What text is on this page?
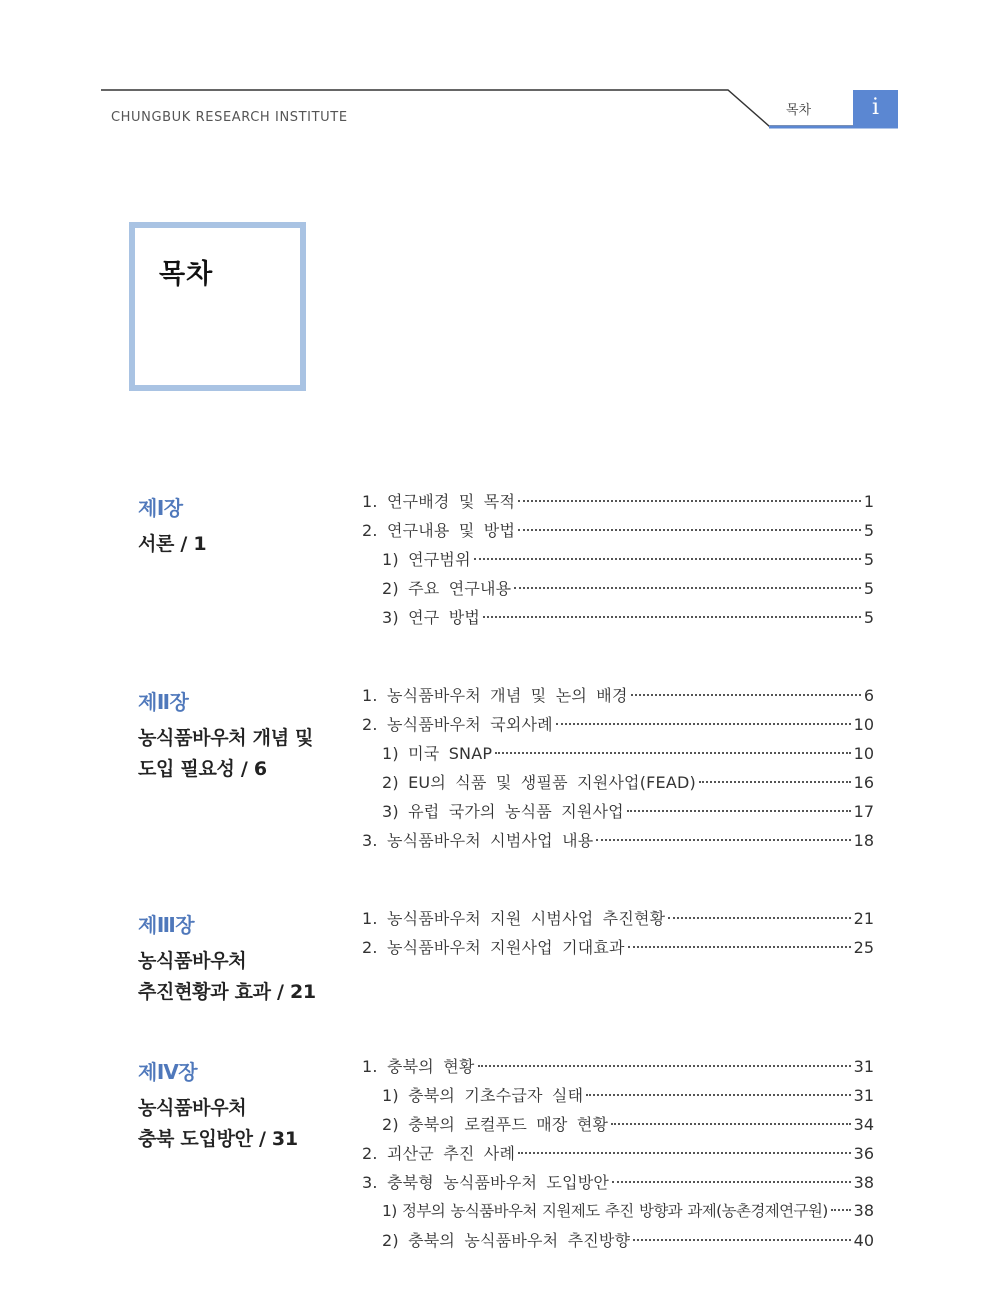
CHUNGBUK RESEARCH INSTITUTE	목차	i
목차
제Ⅰ장
서론 / 1
1. 연구배경 및 목적	1
2. 연구내용 및 방법	5
1) 연구범위	5
2) 주요 연구내용	5
3) 연구 방법	5
제Ⅱ장
농식품바우처 개념 및
도입 필요성 / 6
1. 농식품바우처 개념 및 논의 배경	6
2. 농식품바우처 국외사례	10
1) 미국 SNAP	10
2) EU의 식품 및 생필품 지원사업(FEAD)	16
3) 유럽 국가의 농식품 지원사업	17
3. 농식품바우처 시범사업 내용	18
제Ⅲ장
농식품바우처
추진현황과 효과 / 21
1. 농식품바우처 지원 시범사업 추진현황	21
2. 농식품바우처 지원사업 기대효과	25
제Ⅳ장
농식품바우처
충북 도입방안 / 31
1. 충북의 현황	31
1) 충북의 기초수급자 실태	31
2) 충북의 로컬푸드 매장 현황	34
2. 괴산군 추진 사례	36
3. 충북형 농식품바우처 도입방안	38
1) 정부의 농식품바우처 지원제도 추진 방향과 과제(농촌경제연구원) 38
2) 충북의 농식품바우처 추진방향	40
